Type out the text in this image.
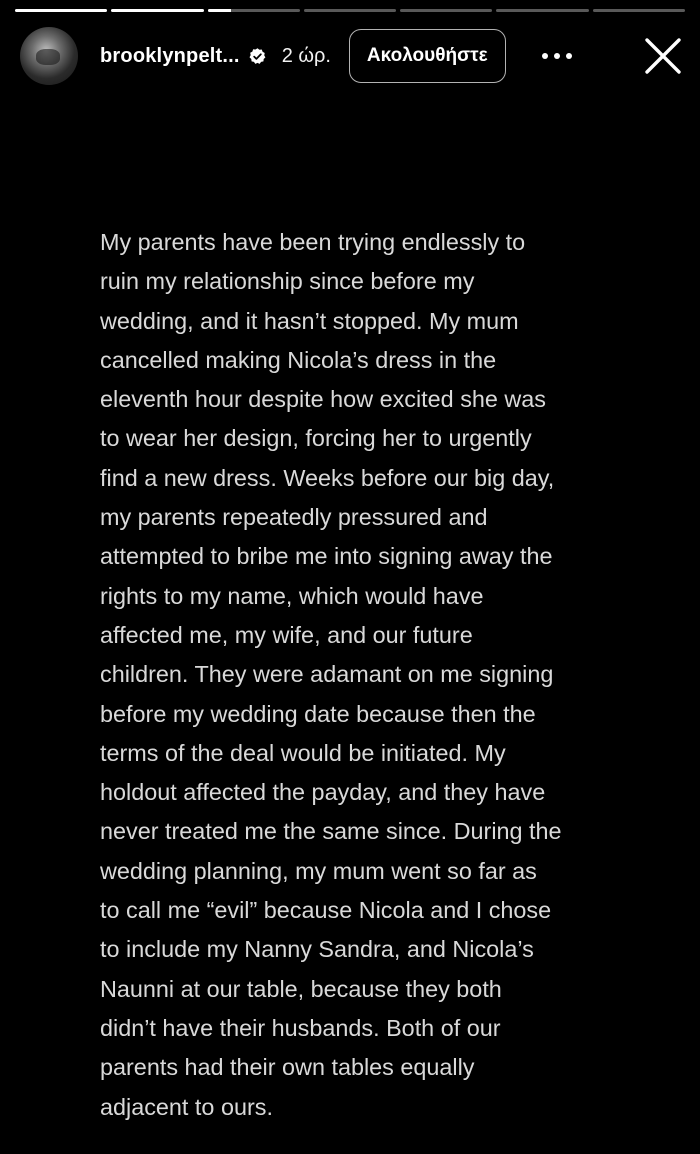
brooklynpelt... 2 ώρ.	Ακολουθήστε

My parents have been trying endlessly to
ruin my relationship since before my
wedding, and it hasn’t stopped. My mum
cancelled making Nicola’s dress in the
eleventh hour despite how excited she was
to wear her design, forcing her to urgently
find a new dress. Weeks before our big day,
my parents repeatedly pressured and
attempted to bribe me into signing away the
rights to my name, which would have
affected me, my wife, and our future
children. They were adamant on me signing
before my wedding date because then the
terms of the deal would be initiated. My
holdout affected the payday, and they have
never treated me the same since. During the
wedding planning, my mum went so far as
to call me “evil” because Nicola and I chose
to include my Nanny Sandra, and Nicola’s
Naunni at our table, because they both
didn’t have their husbands. Both of our
parents had their own tables equally
adjacent to ours.
